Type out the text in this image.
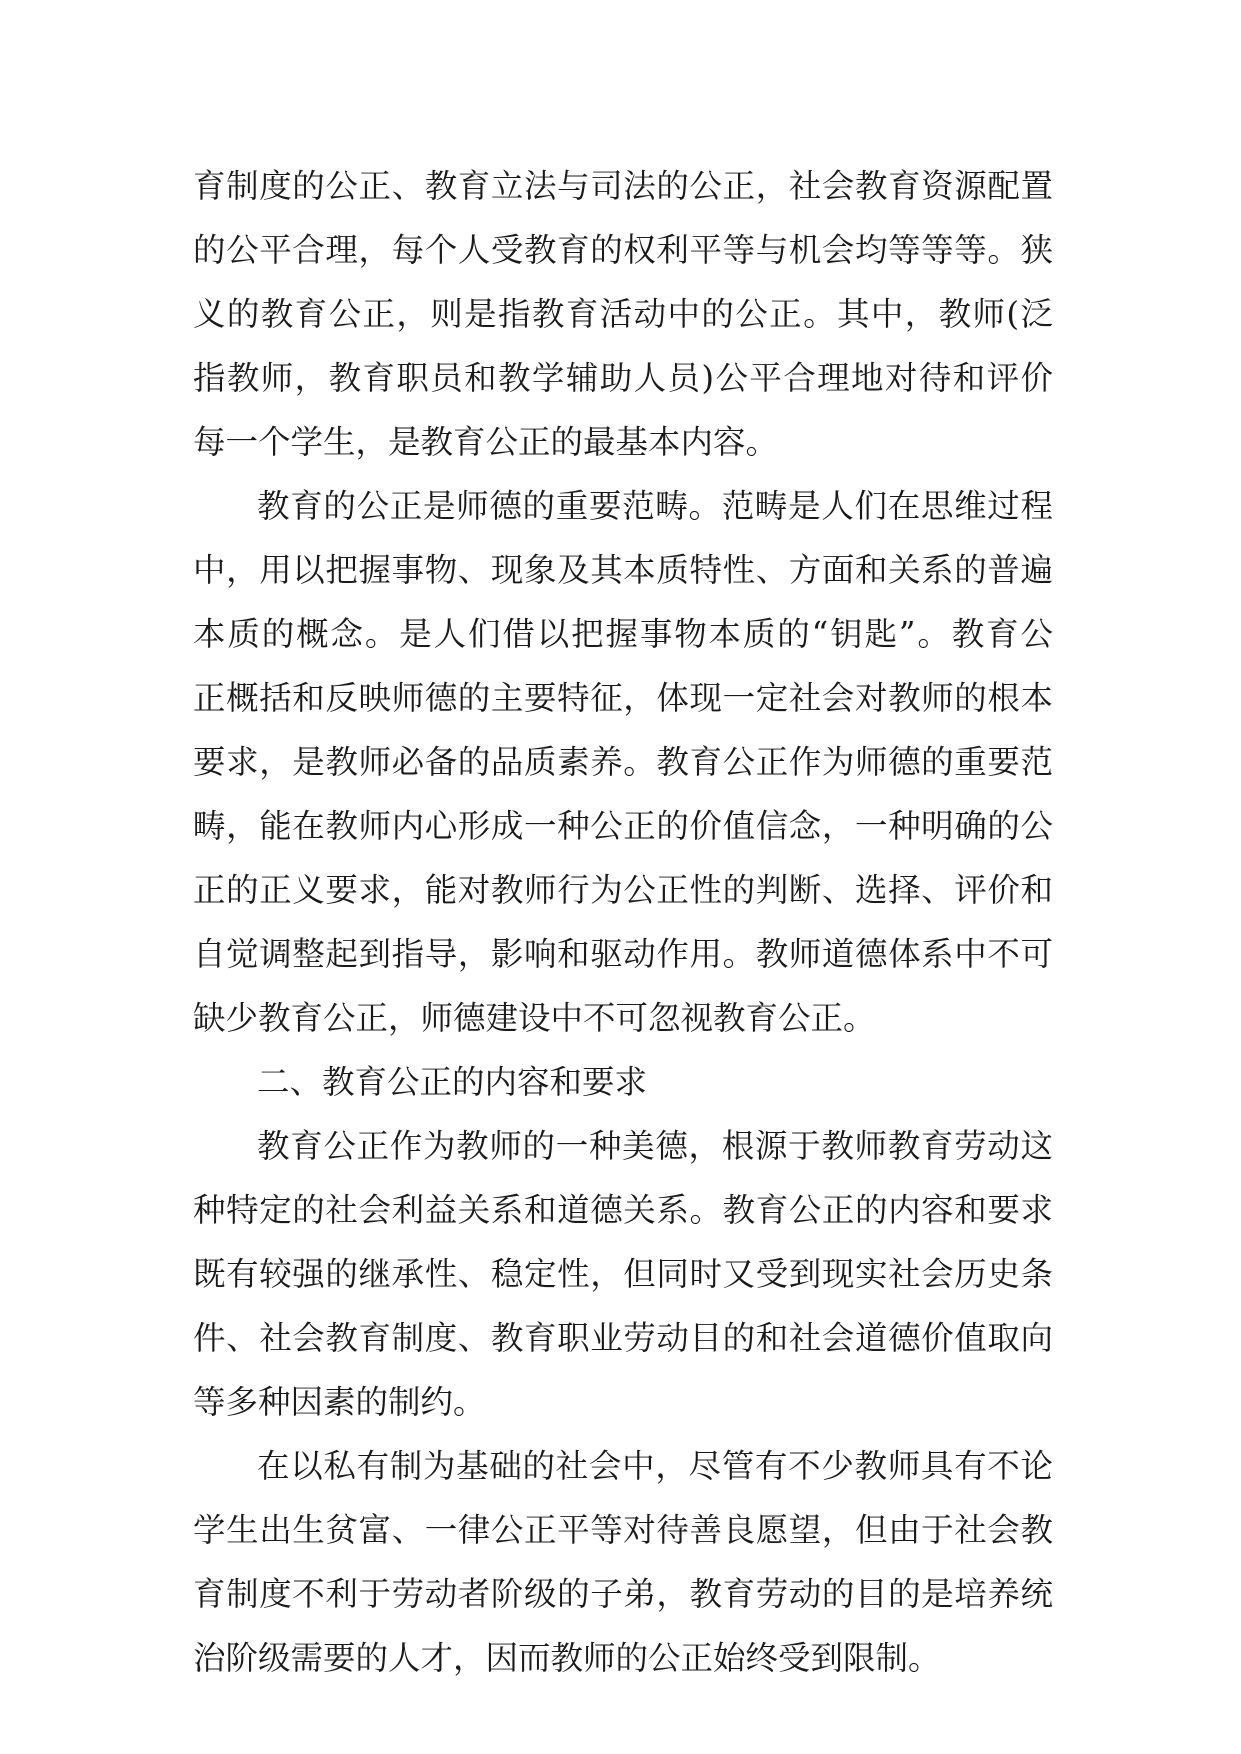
育制度的公正、教育立法与司法的公正，社会教育资源配置

的公平合理，每个人受教育的权利平等与机会均等等等。狭

义的教育公正，则是指教育活动中的公正。其中，教师(泛

指教师，教育职员和教学辅助人员)公平合理地对待和评价

每一个学生，是教育公正的最基本内容。

教育的公正是师德的重要范畴。范畴是人们在思维过程

中，用以把握事物、现象及其本质特性、方面和关系的普遍

本质的概念。是人们借以把握事物本质的“钥匙”。教育公

正概括和反映师德的主要特征，体现一定社会对教师的根本

要求，是教师必备的品质素养。教育公正作为师德的重要范

畴，能在教师内心形成一种公正的价值信念，一种明确的公

正的正义要求，能对教师行为公正性的判断、选择、评价和

自觉调整起到指导，影响和驱动作用。教师道德体系中不可

缺少教育公正，师德建设中不可忽视教育公正。

二、教育公正的内容和要求

教育公正作为教师的一种美德，根源于教师教育劳动这

种特定的社会利益关系和道德关系。教育公正的内容和要求

既有较强的继承性、稳定性，但同时又受到现实社会历史条

件、社会教育制度、教育职业劳动目的和社会道德价值取向

等多种因素的制约。

在以私有制为基础的社会中，尽管有不少教师具有不论

学生出生贫富、一律公正平等对待善良愿望，但由于社会教

育制度不利于劳动者阶级的子弟，教育劳动的目的是培养统

治阶级需要的人才，因而教师的公正始终受到限制。
